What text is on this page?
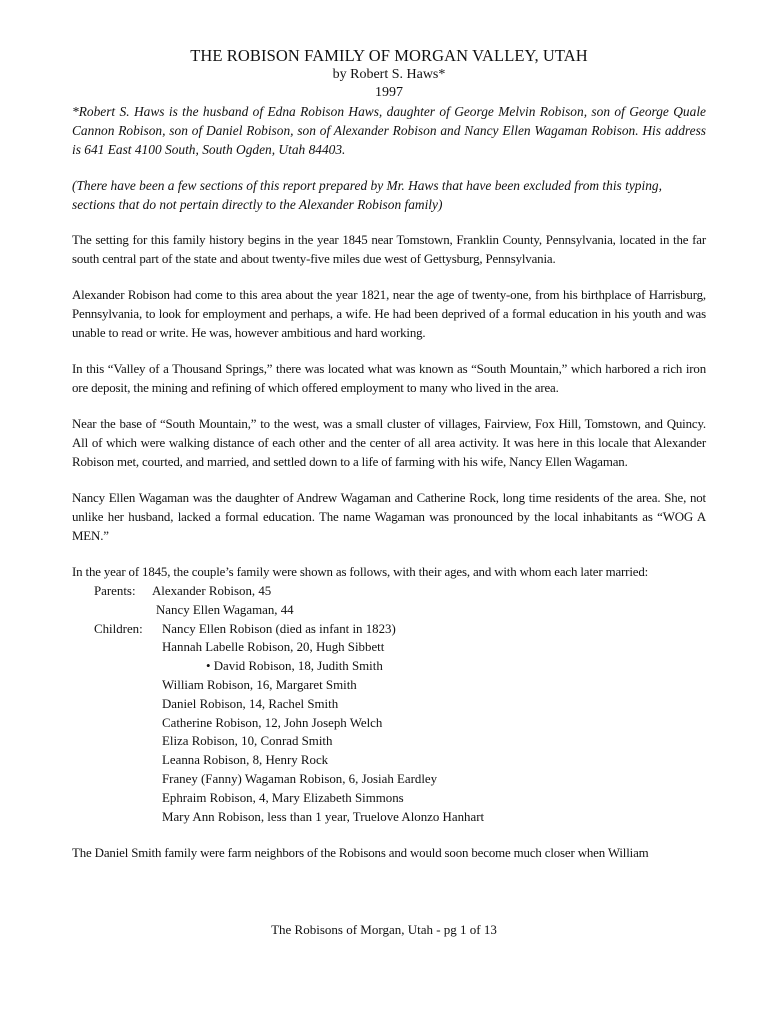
THE ROBISON FAMILY OF MORGAN VALLEY, UTAH
by Robert S. Haws*
1997
*Robert S. Haws is the husband of Edna Robison Haws, daughter of George Melvin Robison, son of George Quale Cannon Robison, son of Daniel Robison, son of Alexander Robison and Nancy Ellen Wagaman Robison. His address is 641 East 4100 South, South Ogden, Utah 84403.
(There have been a few sections of this report prepared by Mr. Haws that have been excluded from this typing, sections that do not pertain directly to the Alexander Robison family)
The setting for this family history begins in the year 1845 near Tomstown, Franklin County, Pennsylvania, located in the far south central part of the state and about twenty-five miles due west of Gettysburg, Pennsylvania.
Alexander Robison had come to this area about the year 1821, near the age of twenty-one, from his birthplace of Harrisburg, Pennsylvania, to look for employment and perhaps, a wife. He had been deprived of a formal education in his youth and was unable to read or write. He was, however ambitious and hard working.
In this “Valley of a Thousand Springs,” there was located what was known as “South Mountain,” which harbored a rich iron ore deposit, the mining and refining of which offered employment to many who lived in the area.
Near the base of “South Mountain,” to the west, was a small cluster of villages, Fairview, Fox Hill, Tomstown, and Quincy. All of which were walking distance of each other and the center of all area activity. It was here in this locale that Alexander Robison met, courted, and married, and settled down to a life of farming with his wife, Nancy Ellen Wagaman.
Nancy Ellen Wagaman was the daughter of Andrew Wagaman and Catherine Rock, long time residents of the area. She, not unlike her husband, lacked a formal education. The name Wagaman was pronounced by the local inhabitants as “WOG A MEN.”
In the year of 1845, the couple’s family were shown as follows, with their ages, and with whom each later married:
Parents: Alexander Robison, 45
Nancy Ellen Wagaman, 44
Children: Nancy Ellen Robison (died as infant in 1823)
Hannah Labelle Robison, 20, Hugh Sibbett
• David Robison, 18, Judith Smith
William Robison, 16, Margaret Smith
Daniel Robison, 14, Rachel Smith
Catherine Robison, 12, John Joseph Welch
Eliza Robison, 10, Conrad Smith
Leanna Robison, 8, Henry Rock
Franey (Fanny) Wagaman Robison, 6, Josiah Eardley
Ephraim Robison, 4, Mary Elizabeth Simmons
Mary Ann Robison, less than 1 year, Truelove Alonzo Hanhart
The Daniel Smith family were farm neighbors of the Robisons and would soon become much closer when William
The Robisons of Morgan, Utah - pg 1 of 13
